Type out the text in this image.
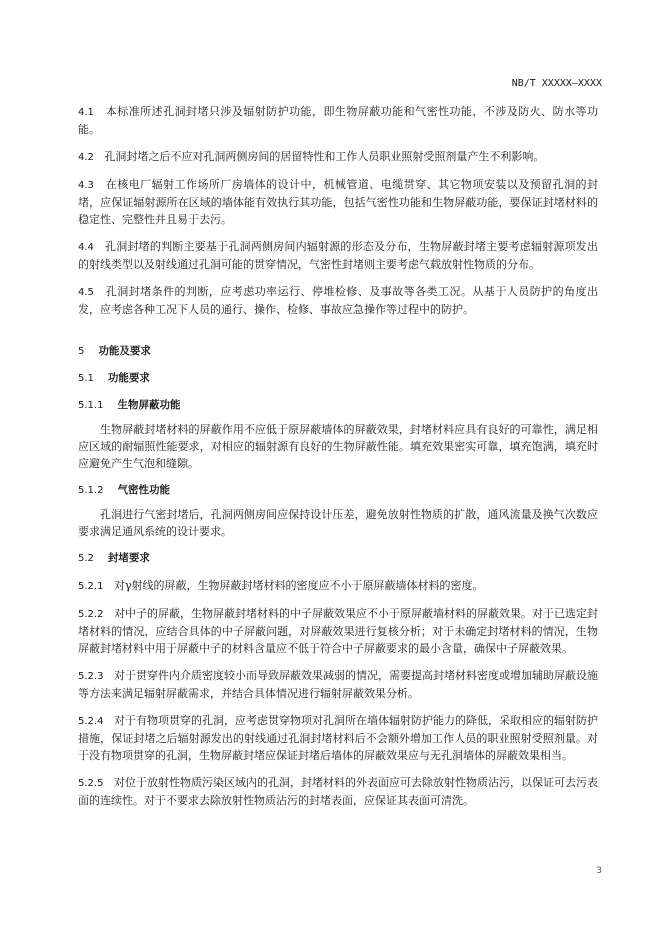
NB/T XXXXX—XXXX

4.1 本标准所述孔洞封堵只涉及辐射防护功能，即生物屏蔽功能和气密性功能，不涉及防火、防水等功能。

4.2 孔洞封堵之后不应对孔洞两侧房间的居留特性和工作人员职业照射受照剂量产生不利影响。

4.3 在核电厂辐射工作场所厂房墙体的设计中，机械管道、电缆贯穿、其它物项安装以及预留孔洞的封堵，应保证辐射源所在区域的墙体能有效执行其功能，包括气密性功能和生物屏蔽功能，要保证封堵材料的稳定性、完整性并且易于去污。

4.4 孔洞封堵的判断主要基于孔洞两侧房间内辐射源的形态及分布，生物屏蔽封堵主要考虑辐射源项发出的射线类型以及射线通过孔洞可能的贯穿情况，气密性封堵则主要考虑气载放射性物质的分布。

4.5 孔洞封堵条件的判断，应考虑功率运行、停堆检修、及事故等各类工况。从基于人员防护的角度出发，应考虑各种工况下人员的通行、操作、检修、事故应急操作等过程中的防护。

5 功能及要求

5.1 功能要求

5.1.1 生物屏蔽功能

生物屏蔽封堵材料的屏蔽作用不应低于原屏蔽墙体的屏蔽效果，封堵材料应具有良好的可靠性，满足相应区域的耐辐照性能要求，对相应的辐射源有良好的生物屏蔽性能。填充效果密实可靠，填充饱满，填充时应避免产生气泡和缝隙。

5.1.2 气密性功能

孔洞进行气密封堵后，孔洞两侧房间应保持设计压差，避免放射性物质的扩散，通风流量及换气次数应要求满足通风系统的设计要求。

5.2 封堵要求

5.2.1 对γ射线的屏蔽，生物屏蔽封堵材料的密度应不小于原屏蔽墙体材料的密度。

5.2.2 对中子的屏蔽，生物屏蔽封堵材料的中子屏蔽效果应不小于原屏蔽墙材料的屏蔽效果。对于已选定封堵材料的情况，应结合具体的中子屏蔽问题，对屏蔽效果进行复核分析；对于未确定封堵材料的情况，生物屏蔽封堵材料中用于屏蔽中子的材料含量应不低于符合中子屏蔽要求的最小含量，确保中子屏蔽效果。

5.2.3 对于贯穿件内介质密度较小而导致屏蔽效果减弱的情况，需要提高封堵材料密度或增加辅助屏蔽设施等方法来满足辐射屏蔽需求，并结合具体情况进行辐射屏蔽效果分析。

5.2.4 对于有物项贯穿的孔洞，应考虑贯穿物项对孔洞所在墙体辐射防护能力的降低，采取相应的辐射防护措施，保证封堵之后辐射源发出的射线通过孔洞封堵材料后不会额外增加工作人员的职业照射受照剂量。对于没有物项贯穿的孔洞，生物屏蔽封堵应保证封堵后墙体的屏蔽效果应与无孔洞墙体的屏蔽效果相当。

5.2.5 对位于放射性物质污染区域内的孔洞，封堵材料的外表面应可去除放射性物质沾污，以保证可去污表面的连续性。对于不要求去除放射性物质沾污的封堵表面，应保证其表面可清洗。

3
